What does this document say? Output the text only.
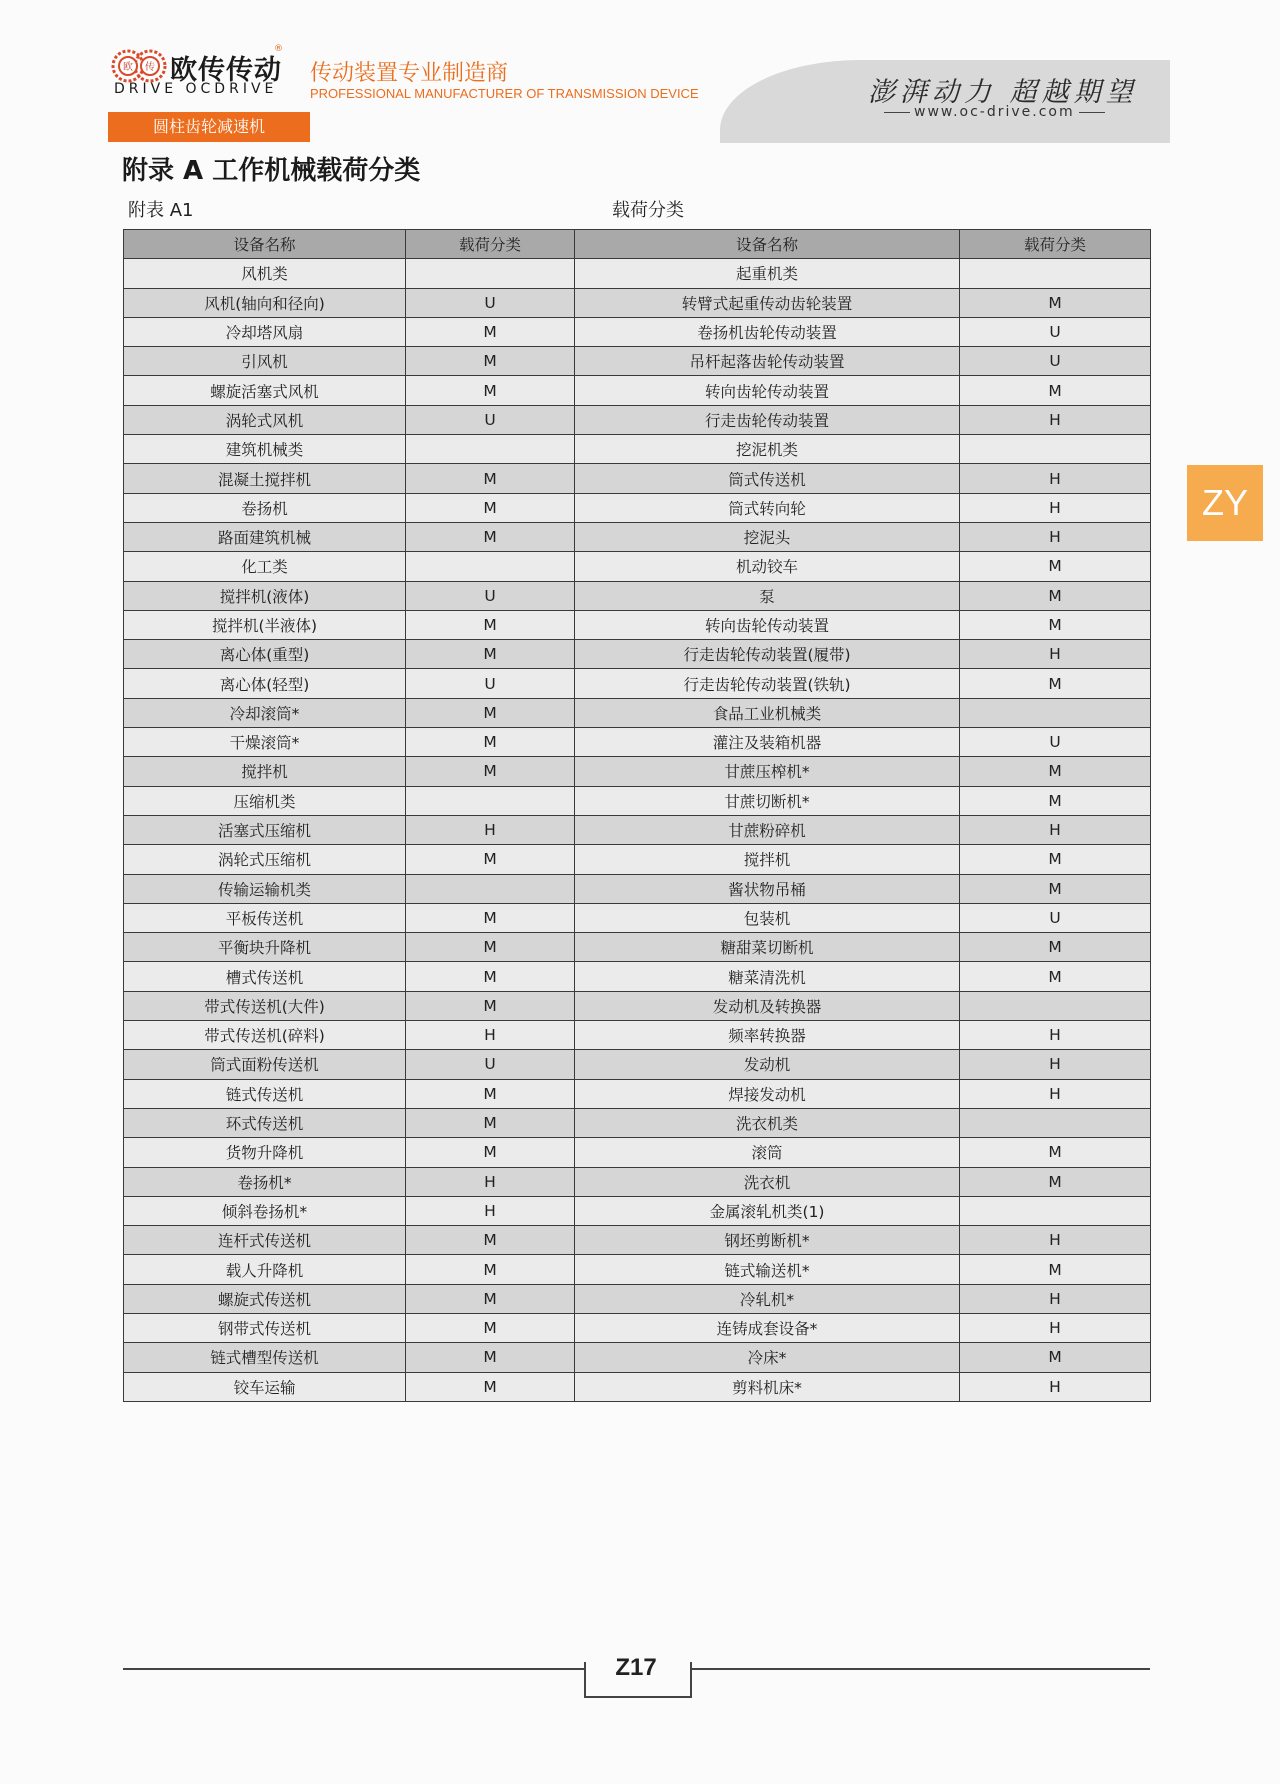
欧 传
®
欧传传动
DRIVE OCDRIVE
传动装置专业制造商
PROFESSIONAL MANUFACTURER OF TRANSMISSION DEVICE	澎湃动力 超越期望
www.oc-drive.com
圆柱齿轮减速机
ZY
附录 A 工作机械载荷分类
附表 A1	载荷分类
设备名称	载荷分类	设备名称	载荷分类
风机类		起重机类	
风机(轴向和径向)	U	转臂式起重传动齿轮装置	M
冷却塔风扇	M	卷扬机齿轮传动装置	U
引风机	M	吊杆起落齿轮传动装置	U
螺旋活塞式风机	M	转向齿轮传动装置	M
涡轮式风机	U	行走齿轮传动装置	H
建筑机械类		挖泥机类	
混凝土搅拌机	M	筒式传送机	H
卷扬机	M	筒式转向轮	H
路面建筑机械	M	挖泥头	H
化工类		机动铰车	M
搅拌机(液体)	U	泵	M
搅拌机(半液体)	M	转向齿轮传动装置	M
离心体(重型)	M	行走齿轮传动装置(履带)	H
离心体(轻型)	U	行走齿轮传动装置(铁轨)	M
冷却滚筒*	M	食品工业机械类	
干燥滚筒*	M	灌注及装箱机器	U
搅拌机	M	甘蔗压榨机*	M
压缩机类		甘蔗切断机*	M
活塞式压缩机	H	甘蔗粉碎机	H
涡轮式压缩机	M	搅拌机	M
传输运输机类		酱状物吊桶	M
平板传送机	M	包装机	U
平衡块升降机	M	糖甜菜切断机	M
槽式传送机	M	糖菜清洗机	M
带式传送机(大件)	M	发动机及转换器	
带式传送机(碎料)	H	频率转换器	H
筒式面粉传送机	U	发动机	H
链式传送机	M	焊接发动机	H
环式传送机	M	洗衣机类	
货物升降机	M	滚筒	M
卷扬机*	H	洗衣机	M
倾斜卷扬机*	H	金属滚轧机类(1)	
连杆式传送机	M	钢坯剪断机*	H
载人升降机	M	链式输送机*	M
螺旋式传送机	M	冷轧机*	H
钢带式传送机	M	连铸成套设备*	H
链式槽型传送机	M	冷床*	M
铰车运输	M	剪料机床*	H
Z17
